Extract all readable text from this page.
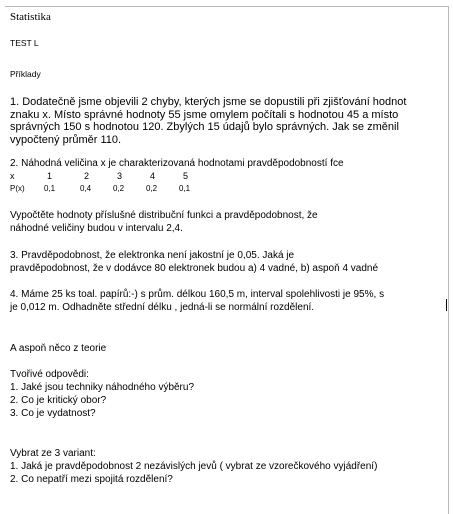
Statistika
TEST L
Příklady
1. Dodatečně jsme objevili 2 chyby, kterých jsme se dopustili při zjišťování hodnot
znaku x. Místo správné hodnoty 55 jsme omylem počítali s hodnotou 45 a místo
správných 150 s hodnotou 120. Zbylých 15 údajů bylo správných. Jak se změnil
vypočtený průměr 110.
2. Náhodná veličina x je charakterizovaná hodnotami pravděpodobností fce
x	1	2	3	4	5
P(x) 0,1	0,4	0,2	0,2	0,1
Vypočtěte hodnoty příslušné distribuční funkci a pravděpodobnost, že
náhodné veličiny budou v intervalu 2,4.
3. Pravděpodobnost, že elektronka není jakostní je 0,05. Jaká je
pravděpodobnost, že v dodávce 80 elektronek budou a) 4 vadné, b) aspoň 4 vadné
4. Máme 25 ks toal. papírů:-) s prům. délkou 160,5 m, interval spolehlivosti je 95%, s
je 0,012 m. Odhadněte střední délku , jedná-li se normální rozdělení.
A aspoň něco z teorie
Tvořivé odpovědi:
1. Jaké jsou techniky náhodného výběru?
2. Co je kritický obor?
3. Co je vydatnost?
Vybrat ze 3 variant:
1. Jaká je pravděpodobnost 2 nezávislých jevů ( vybrat ze vzorečkového vyjádření)
2. Co nepatří mezi spojitá rozdělení?
